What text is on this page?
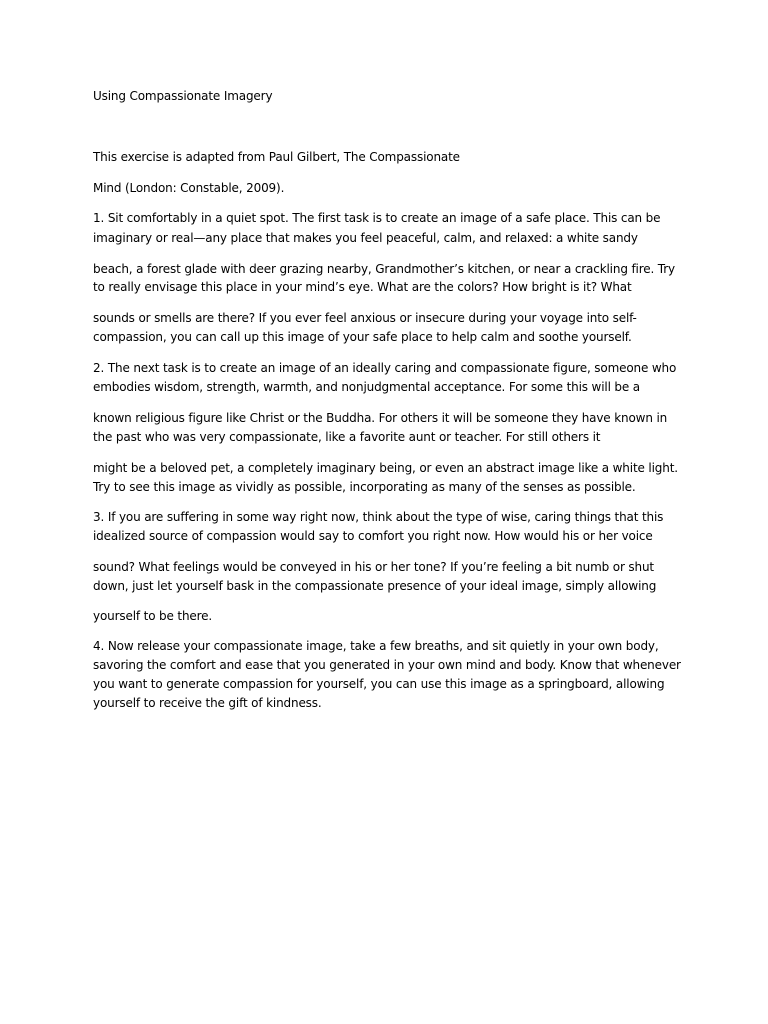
Using Compassionate Imagery

This exercise is adapted from Paul Gilbert, The Compassionate

Mind (London: Constable, 2009).

1. Sit comfortably in a quiet spot. The first task is to create an image of a safe place. This can be

imaginary or real—any place that makes you feel peaceful, calm, and relaxed: a white sandy

beach, a forest glade with deer grazing nearby, Grandmother’s kitchen, or near a crackling fire. Try

to really envisage this place in your mind’s eye. What are the colors? How bright is it? What

sounds or smells are there? If you ever feel anxious or insecure during your voyage into self-

compassion, you can call up this image of your safe place to help calm and soothe yourself.

2. The next task is to create an image of an ideally caring and compassionate figure, someone who

embodies wisdom, strength, warmth, and nonjudgmental acceptance. For some this will be a

known religious figure like Christ or the Buddha. For others it will be someone they have known in

the past who was very compassionate, like a favorite aunt or teacher. For still others it

might be a beloved pet, a completely imaginary being, or even an abstract image like a white light.

Try to see this image as vividly as possible, incorporating as many of the senses as possible.

3. If you are suffering in some way right now, think about the type of wise, caring things that this

idealized source of compassion would say to comfort you right now. How would his or her voice

sound? What feelings would be conveyed in his or her tone? If you’re feeling a bit numb or shut

down, just let yourself bask in the compassionate presence of your ideal image, simply allowing

yourself to be there.

4. Now release your compassionate image, take a few breaths, and sit quietly in your own body,

savoring the comfort and ease that you generated in your own mind and body. Know that whenever

you want to generate compassion for yourself, you can use this image as a springboard, allowing

yourself to receive the gift of kindness.
